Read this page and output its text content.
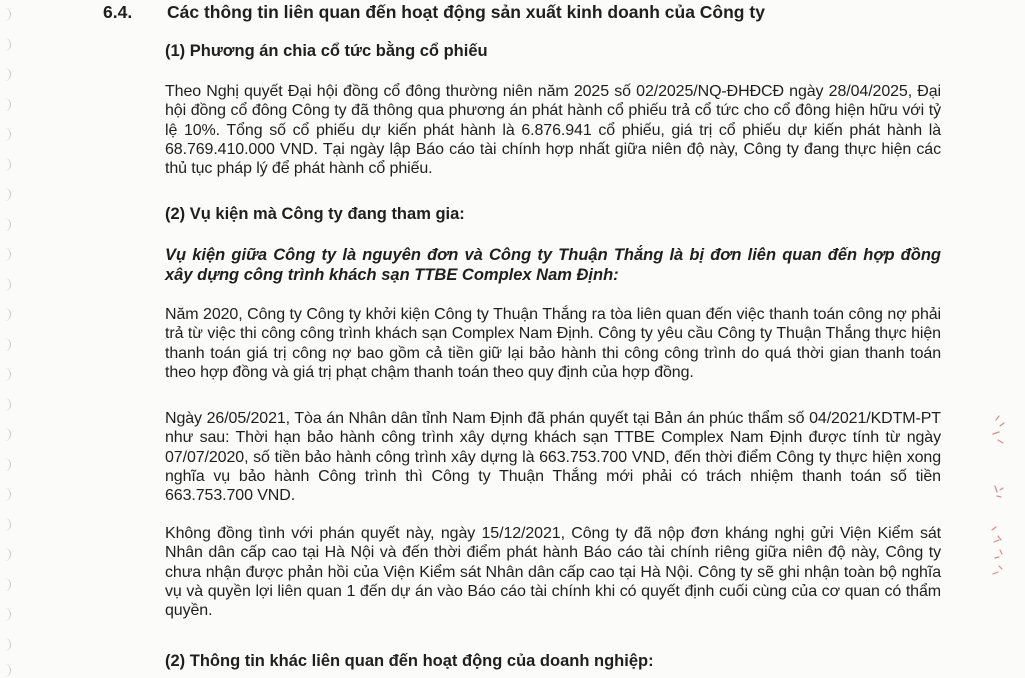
6.4. Các thông tin liên quan đến hoạt động sản xuất kinh doanh của Công ty
(1) Phương án chia cổ tức bằng cổ phiếu
Theo Nghị quyết Đại hội đồng cổ đông thường niên năm 2025 số 02/2025/NQ-ĐHĐCĐ ngày 28/04/2025, Đại hội đồng cổ đông Công ty đã thông qua phương án phát hành cổ phiếu trả cổ tức cho cổ đông hiện hữu với tỷ lệ 10%. Tổng số cổ phiếu dự kiến phát hành là 6.876.941 cổ phiếu, giá trị cổ phiếu dự kiến phát hành là 68.769.410.000 VND. Tại ngày lập Báo cáo tài chính hợp nhất giữa niên độ này, Công ty đang thực hiện các thủ tục pháp lý để phát hành cổ phiếu.
(2) Vụ kiện mà Công ty đang tham gia:
Vụ kiện giữa Công ty là nguyên đơn và Công ty Thuận Thắng là bị đơn liên quan đến hợp đồng xây dựng công trình khách sạn TTBE Complex Nam Định:
Năm 2020, Công ty Công ty khởi kiện Công ty Thuận Thắng ra tòa liên quan đến việc thanh toán công nợ phải trả từ việc thi công công trình khách sạn Complex Nam Định. Công ty yêu cầu Công ty Thuận Thắng thực hiện thanh toán giá trị công nợ bao gồm cả tiền giữ lại bảo hành thi công công trình do quá thời gian thanh toán theo hợp đồng và giá trị phạt chậm thanh toán theo quy định của hợp đồng.
Ngày 26/05/2021, Tòa án Nhân dân tỉnh Nam Định đã phán quyết tại Bản án phúc thẩm số 04/2021/KDTM-PT như sau: Thời hạn bảo hành công trình xây dựng khách sạn TTBE Complex Nam Định được tính từ ngày 07/07/2020, số tiền bảo hành công trình xây dựng là 663.753.700 VND, đến thời điểm Công ty thực hiện xong nghĩa vụ bảo hành Công trình thì Công ty Thuận Thắng mới phải có trách nhiệm thanh toán số tiền 663.753.700 VND.
Không đồng tình với phán quyết này, ngày 15/12/2021, Công ty đã nộp đơn kháng nghị gửi Viện Kiểm sát Nhân dân cấp cao tại Hà Nội và đến thời điểm phát hành Báo cáo tài chính riêng giữa niên độ này, Công ty chưa nhận được phản hồi của Viện Kiểm sát Nhân dân cấp cao tại Hà Nội. Công ty sẽ ghi nhận toàn bộ nghĩa vụ và quyền lợi liên quan 1 đến dự án vào Báo cáo tài chính khi có quyết định cuối cùng của cơ quan có thẩm quyền.
(2) Thông tin khác liên quan đến hoạt động của doanh nghiệp:
